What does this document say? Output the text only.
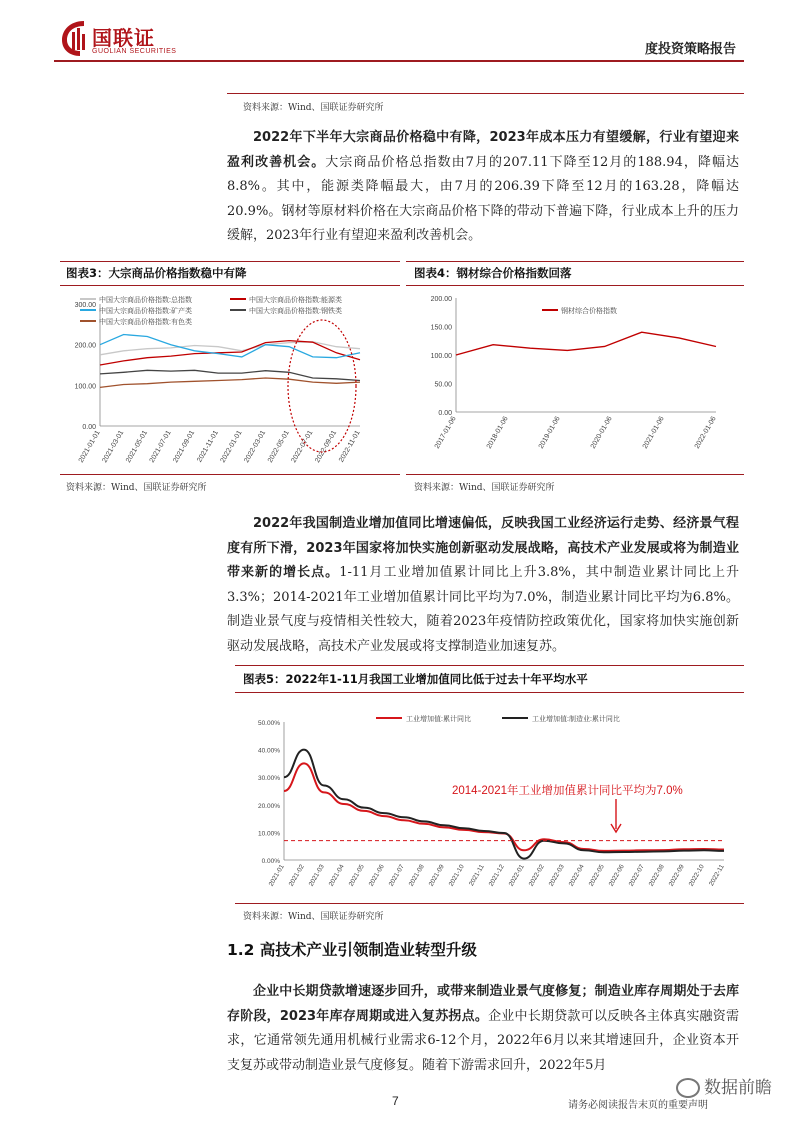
国联证
GUOLIAN SECURITIES	度投资策略报告
资料来源：Wind、国联证券研究所
2022年下半年大宗商品价格稳中有降，2023年成本压力有望缓解，行业有望迎来盈利改善机会。大宗商品价格总指数由7月的207.11下降至12月的188.94，降幅达8.8%。其中，能源类降幅最大，由7月的206.39下降至12月的163.28，降幅达20.9%。钢材等原材料价格在大宗商品价格下降的带动下普遍下降，行业成本上升的压力缓解，2023年行业有望迎来盈利改善机会。
图表3：大宗商品价格指数稳中有降	图表4：钢材综合价格指数回落
0.00
100.00
200.00
300.00
2021-01-01 2021-03-01 2021-05-01 2021-07-01 2021-09-01 2021-11-01 2022-01-01 2022-03-01 2022-05-01 2022-07-01 2022-09-01 2022-11-01
中国大宗商品价格指数:总指数	中国大宗商品价格指数:能源类
中国大宗商品价格指数:矿产类	中国大宗商品价格指数:钢铁类
中国大宗商品价格指数:有色类
0.00
50.00
100.00
150.00
200.00
2017-01-06	2018-01-06	2019-01-06	2020-01-06	2021-01-06	2022-01-06
钢材综合价格指数
资料来源：Wind、国联证券研究所	资料来源：Wind、国联证券研究所
2022年我国制造业增加值同比增速偏低，反映我国工业经济运行走势、经济景气程度有所下滑，2023年国家将加快实施创新驱动发展战略，高技术产业发展或将为制造业带来新的增长点。1-11月工业增加值累计同比上升3.8%，其中制造业累计同比上升3.3%；2014-2021年工业增加值累计同比平均为7.0%，制造业累计同比平均为6.8%。制造业景气度与疫情相关性较大，随着2023年疫情防控政策优化，国家将加快实施创新驱动发展战略，高技术产业发展或将支撑制造业加速复苏。
图表5：2022年1-11月我国工业增加值同比低于过去十年平均水平
0.00%
10.00%
20.00%
30.00%
40.00%
50.00%
2021-01 2021-02 2021-03 2021-04 2021-05 2021-06 2021-07 2021-08 2021-09 2021-10 2021-11 2021-12 2022-01 2022-02 2022-03 2022-04 2022-05 2022-06 2022-07 2022-08 2022-09 2022-10 2022-11
2014-2021年工业增加值累计同比平均为7.0%
工业增加值:累计同比	工业增加值:制造业:累计同比
资料来源：Wind、国联证券研究所
1.2 高技术产业引领制造业转型升级
企业中长期贷款增速逐步回升，或带来制造业景气度修复；制造业库存周期处于去库存阶段，2023年库存周期或进入复苏拐点。企业中长期贷款可以反映各主体真实融资需求，它通常领先通用机械行业需求6-12个月，2022年6月以来其增速回升，企业资本开支复苏或带动制造业景气度修复。随着下游需求回升，2022年5月
7	请务必阅读报告末页的重要声明
数据前瞻
